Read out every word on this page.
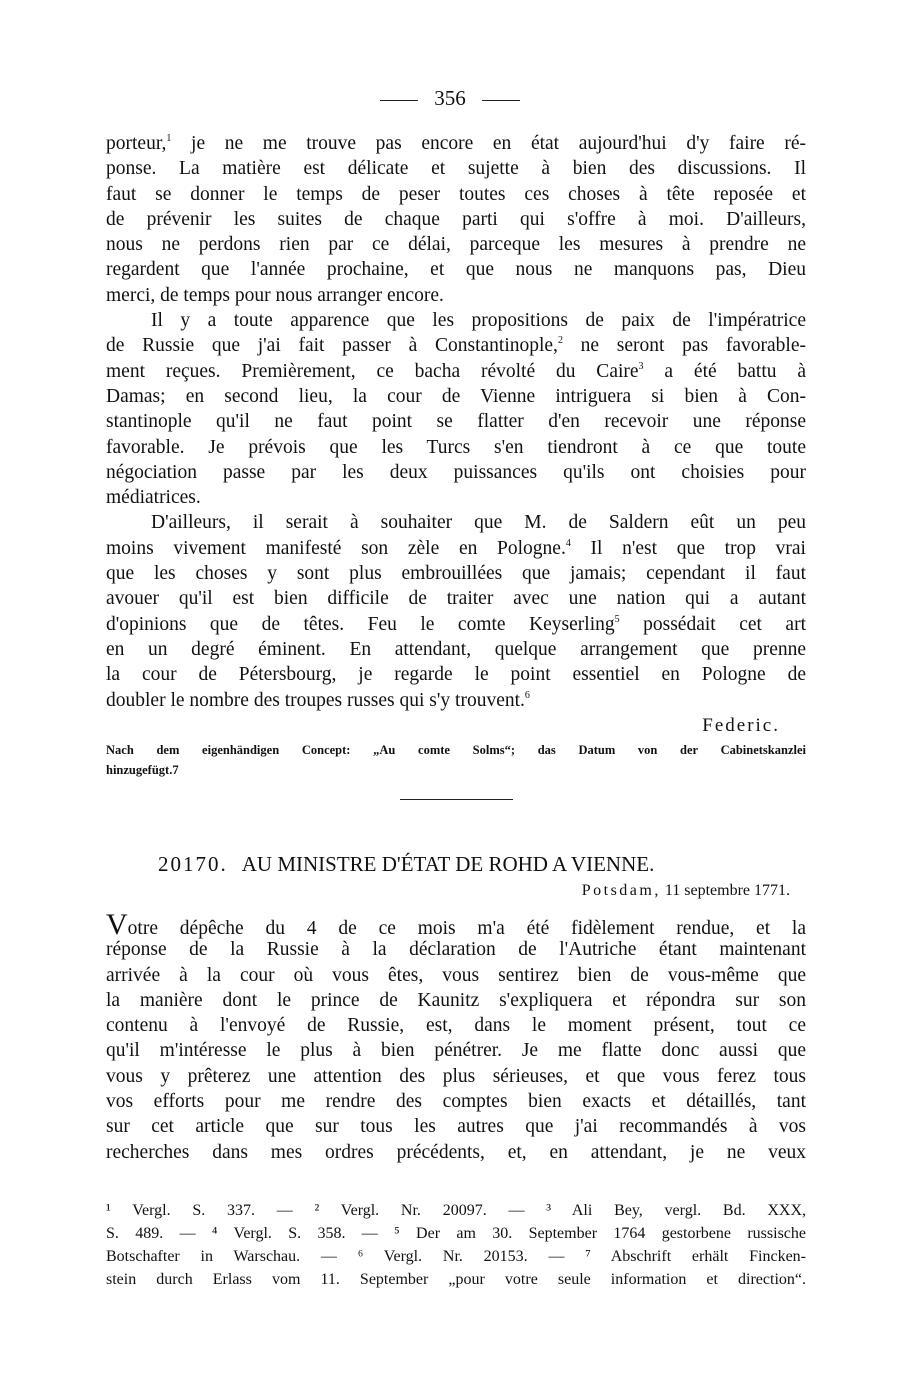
356
porteur,$^1$ je ne me trouve pas encore en état aujourd'hui d'y faire ré-
ponse. La matière est délicate et sujette à bien des discussions. Il
faut se donner le temps de peser toutes ces choses à tête reposée et
de prévenir les suites de chaque parti qui s'offre à moi. D'ailleurs,
nous ne perdons rien par ce délai, parceque les mesures à prendre ne
regardent que l'année prochaine, et que nous ne manquons pas, Dieu
merci, de temps pour nous arranger encore.
Il y a toute apparence que les propositions de paix de l'impératrice
de Russie que j'ai fait passer à Constantinople,$^2$ ne seront pas favorable-
ment reçues. Premièrement, ce bacha révolté du Caire$^3$ a été battu à
Damas; en second lieu, la cour de Vienne intriguera si bien à Con-
stantinople qu'il ne faut point se flatter d'en recevoir une réponse
favorable. Je prévois que les Turcs s'en tiendront à ce que toute
négociation passe par les deux puissances qu'ils ont choisies pour
médiatrices.
D'ailleurs, il serait à souhaiter que M. de Saldern eût un peu
moins vivement manifesté son zèle en Pologne.$^4$ Il n'est que trop vrai
que les choses y sont plus embrouillées que jamais; cependant il faut
avouer qu'il est bien difficile de traiter avec une nation qui a autant
d'opinions que de têtes. Feu le comte Keyserling$^5$ possédait cet art
en un degré éminent. En attendant, quelque arrangement que prenne
la cour de Pétersbourg, je regarde le point essentiel en Pologne de
doubler le nombre des troupes russes qui s'y trouvent.$^6$
Federic.
Nach dem eigenhändigen Concept: „Au comte Solms“; das Datum von der Cabinetskanzlei
hinzugefügt.7
20170. AU MINISTRE D'ÉTAT DE ROHD A VIENNE.
Potsdam, 11 septembre 1771.
Votre dépêche du 4 de ce mois m'a été fidèlement rendue, et la
réponse de la Russie à la déclaration de l'Autriche étant maintenant
arrivée à la cour où vous êtes, vous sentirez bien de vous-même que
la manière dont le prince de Kaunitz s'expliquera et répondra sur son
contenu à l'envoyé de Russie, est, dans le moment présent, tout ce
qu'il m'intéresse le plus à bien pénétrer. Je me flatte donc aussi que
vous y prêterez une attention des plus sérieuses, et que vous ferez tous
vos efforts pour me rendre des comptes bien exacts et détaillés, tant
sur cet article que sur tous les autres que j'ai recommandés à vos
recherches dans mes ordres précédents, et, en attendant, je ne veux
¹ Vergl. S. 337. — ² Vergl. Nr. 20097. — ³ Ali Bey, vergl. Bd. XXX,
S. 489. — ⁴ Vergl. S. 358. — ⁵ Der am 30. September 1764 gestorbene russische
Botschafter in Warschau. — ⁶ Vergl. Nr. 20153. — ⁷ Abschrift erhält Fincken-
stein durch Erlass vom 11. September „pour votre seule information et direction“.
